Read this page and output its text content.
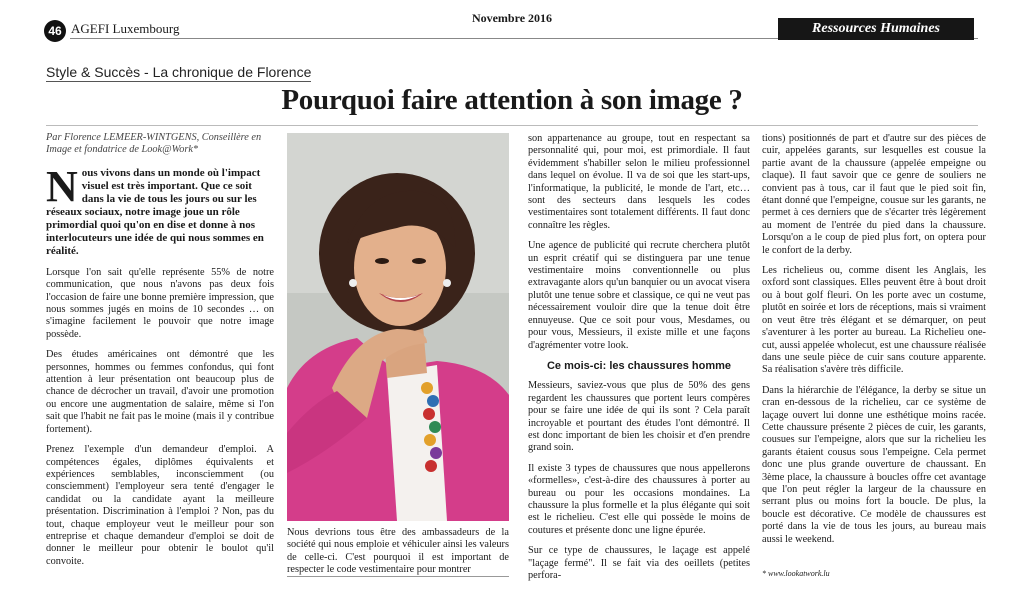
46 AGEFI Luxembourg
Novembre 2016
Ressources Humaines
Style & Succès - La chronique de Florence
Pourquoi faire attention à son image ?
Par Florence LEMEER-WINTGENS, Conseillère en Image et fondatrice de Look@Work*
Nous vivons dans un monde où l'impact visuel est très important. Que ce soit dans la vie de tous les jours ou sur les réseaux sociaux, notre image joue un rôle primordial quoi qu'on en dise et donne à nos interlocuteurs une idée de qui nous sommes en réalité.

Lorsque l'on sait qu'elle représente 55% de notre communication, que nous n'avons pas deux fois l'occasion de faire une bonne première impression, que nous sommes jugés en moins de 10 secondes … on s'imagine facilement le pouvoir que notre image possède.

Des études américaines ont démontré que les personnes, hommes ou femmes confondus, qui font attention à leur présentation ont beaucoup plus de chance de décrocher un travail, d'avoir une promotion ou encore une augmentation de salaire, même si l'on sait que l'habit ne fait pas le moine (mais il y contribue fortement).

Prenez l'exemple d'un demandeur d'emploi. A compétences égales, diplômes équivalents et expériences semblables, inconsciemment (ou consciemment) l'employeur sera tenté d'engager le candidat ou la candidate ayant la meilleure présentation. Discrimination à l'emploi ? Non, pas du tout, chaque employeur veut le meilleur pour son entreprise et chaque demandeur d'emploi se doit de donner le meilleur pour obtenir le boulot qu'il convoite.

Nous devrions tous être des ambassadeurs de la société qui nous emploie et véhiculer ainsi les valeurs de celle-ci. C'est pourquoi il est important de respecter le code vestimentaire pour montrer

son appartenance au groupe, tout en respectant sa personnalité qui, pour moi, est primordiale. Il faut évidemment s'habiller selon le milieu professionnel dans lequel on évolue. Il va de soi que les start-ups, l'informatique, la publicité, le monde de l'art, etc… sont des secteurs dans lesquels les codes vestimentaires sont totalement différents. Il faut donc connaître les règles.

Une agence de publicité qui recrute cherchera plutôt un esprit créatif qui se distinguera par une tenue vestimentaire moins conventionnelle ou plus extravagante alors qu'un banquier ou un avocat visera plutôt une tenue sobre et classique, ce qui ne veut pas nécessairement vouloir dire que la tenue doit être ennuyeuse. Que ce soit pour vous, Mesdames, ou pour vous, Messieurs, il existe mille et une façons d'agrémenter votre look.

Ce mois-ci: les chaussures homme

Messieurs, saviez-vous que plus de 50% des gens regardent les chaussures que portent leurs compères pour se faire une idée de qui ils sont ? Cela paraît incroyable et pourtant des études l'ont démontré. Il est donc important de bien les choisir et d'en prendre grand soin.

Il existe 3 types de chaussures que nous appellerons «formelles», c'est-à-dire des chaussures à porter au bureau ou pour les occasions mondaines. La chaussure la plus formelle et la plus élégante qui soit est le richelieu. C'est elle qui possède le moins de coutures et présente donc une ligne épurée.

Sur ce type de chaussures, le laçage est appelé "laçage fermé". Il se fait via des oeillets (petites perfora-

tions) positionnés de part et d'autre sur des pièces de cuir, appelées garants, sur lesquelles est cousue la partie avant de la chaussure (appelée empeigne ou claque). Il faut savoir que ce genre de souliers ne convient pas à tous, car il faut que le pied soit fin, étant donné que l'empeigne, cousue sur les garants, ne permet à ces derniers que de s'écarter très légèrement au moment de l'entrée du pied dans la chaussure. Lorsqu'on a le coup de pied plus fort, on optera pour le confort de la derby.

Les richelieus ou, comme disent les Anglais, les oxford sont classiques. Elles peuvent être à bout droit ou à bout golf fleuri. On les porte avec un costume, plutôt en soirée et lors de réceptions, mais si vraiment on veut être très élégant et se démarquer, on peut s'aventurer à les porter au bureau. La Richelieu one-cut, aussi appelée wholecut, est une chaussure réalisée dans une seule pièce de cuir sans couture apparente. Sa réalisation s'avère très difficile.

Dans la hiérarchie de l'élégance, la derby se situe un cran en-dessous de la richelieu, car ce système de laçage ouvert lui donne une esthétique moins racée. Cette chaussure présente 2 pièces de cuir, les garants, cousues sur l'empeigne, alors que sur la richelieu les garants étaient cousus sous l'empeigne. Cela permet donc une plus grande ouverture de chaussant. En 3ème place, la chaussure à boucles offre cet avantage que l'on peut régler la largeur de la chaussure en serrant plus ou moins fort la boucle. De plus, la boucle est décorative. Ce modèle de chaussures est porté dans la vie de tous les jours, au bureau mais aussi le weekend.

* www.lookatwork.lu
